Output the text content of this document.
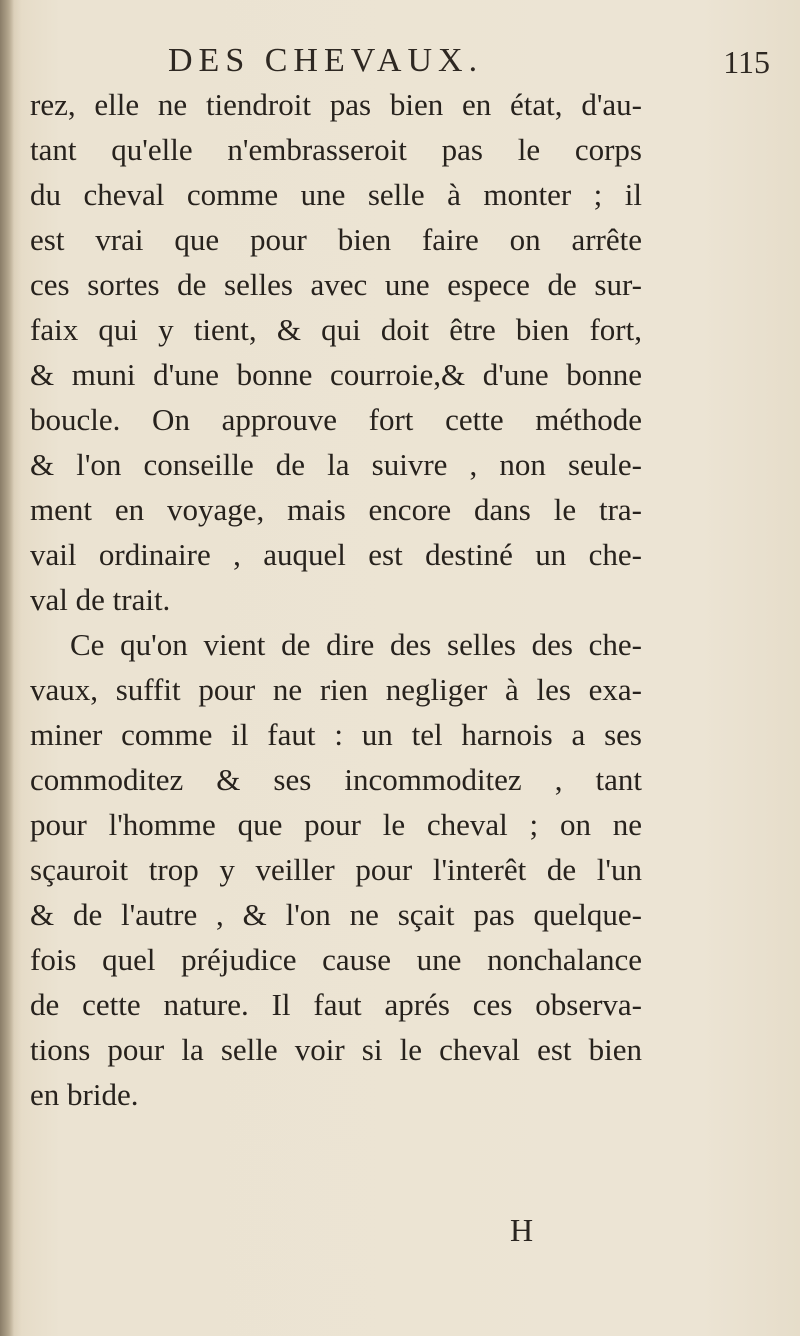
DES CHEVAUX.	115
rez, elle ne tiendroit pas bien en état, d'au-
tant qu'elle n'embrasseroit pas le corps
du cheval comme une selle à monter ; il
est vrai que pour bien faire on arrête
ces sortes de selles avec une espece de sur-
faix qui y tient, & qui doit être bien fort,
& muni d'une bonne courroie,& d'une bonne
boucle. On approuve fort cette méthode
& l'on conseille de la suivre , non seule-
ment en voyage, mais encore dans le tra-
vail ordinaire , auquel est destiné un che-
val de trait.
Ce qu'on vient de dire des selles des che-
vaux, suffit pour ne rien negliger à les exa-
miner comme il faut : un tel harnois a ses
commoditez & ses incommoditez , tant
pour l'homme que pour le cheval ; on ne
sçauroit trop y veiller pour l'interêt de l'un
& de l'autre , & l'on ne sçait pas quelque-
fois quel préjudice cause une nonchalance
de cette nature. Il faut aprés ces observa-
tions pour la selle voir si le cheval est bien
en bride.
H
